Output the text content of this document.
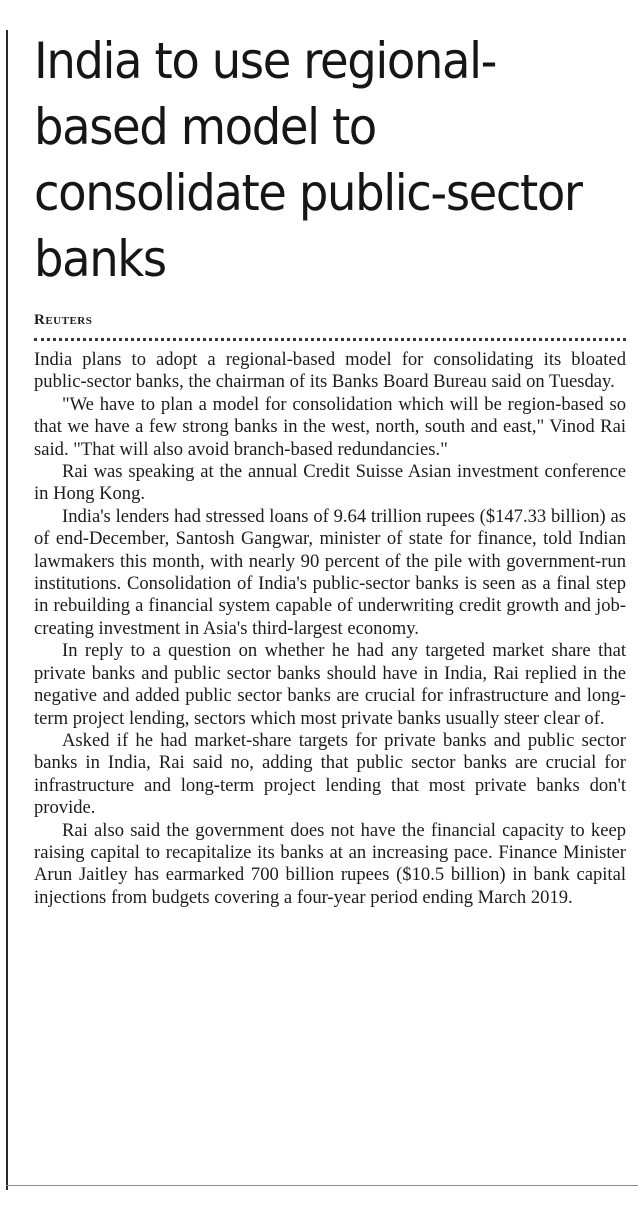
India to use regional-based model to consolidate public-sector banks
Reuters

India plans to adopt a regional-based model for consolidating its bloated public-sector banks, the chairman of its Banks Board Bureau said on Tuesday.

"We have to plan a model for consolidation which will be region-based so that we have a few strong banks in the west, north, south and east," Vinod Rai said. "That will also avoid branch-based redundancies."

Rai was speaking at the annual Credit Suisse Asian investment conference in Hong Kong.

India's lenders had stressed loans of 9.64 trillion rupees ($147.33 billion) as of end-December, Santosh Gangwar, minister of state for finance, told Indian lawmakers this month, with nearly 90 percent of the pile with government-run institutions. Consolidation of India's public-sector banks is seen as a final step in rebuilding a financial system capable of underwriting credit growth and job-creating investment in Asia's third-largest economy.

In reply to a question on whether he had any targeted market share that private banks and public sector banks should have in India, Rai replied in the negative and added public sector banks are crucial for infrastructure and long-term project lending, sectors which most private banks usually steer clear of.

Asked if he had market-share targets for private banks and public sector banks in India, Rai said no, adding that public sector banks are crucial for infrastructure and long-term project lending that most private banks don't provide.

Rai also said the government does not have the financial capacity to keep raising capital to recapitalize its banks at an increasing pace. Finance Minister Arun Jaitley has earmarked 700 billion rupees ($10.5 billion) in bank capital injections from budgets covering a four-year period ending March 2019.
